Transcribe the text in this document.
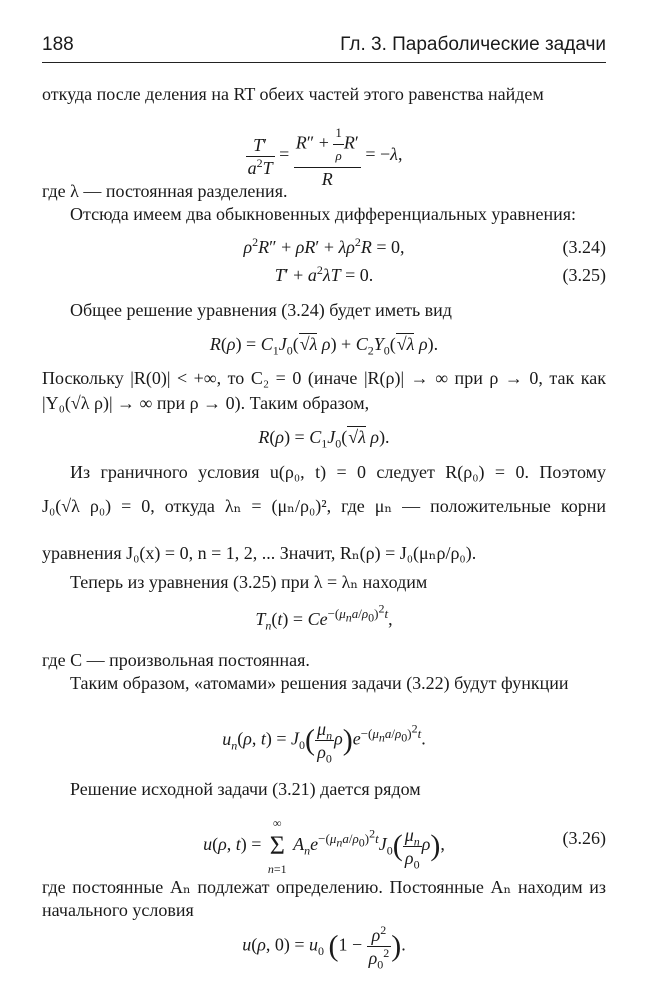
188	Гл. 3. Параболические задачи
откуда после деления на RT обеих частей этого равенства найдем
$\frac{T'}{a^2T} = \frac{R'' + \frac{1}{\rho} R'}{R} = -\lambda$,
где λ — постоянная разделения.
Отсюда имеем два обыкновенных дифференциальных уравнения:
$\rho^2R'' + \rho R' + \lambda\rho^2R = 0$,	(3.24)
$T' + a^2\lambda T = 0$.	(3.25)
Общее решение уравнения (3.24) будет иметь вид
$R(\rho) = C_1J_0(√\lambda$ $\rho) + C_2Y_0(√\lambda$ ρ).
Поскольку |R(0)| < +∞, то C₂ = 0 (иначе |R(ρ)| → ∞ при ρ → 0, так как
|Y₀(√λ ρ)| → ∞ при ρ → 0). Таким образом,
$R(\rho) = C_1J_0(√\lambda$ ρ).
Из граничного условия u(ρ₀, t) = 0 следует R(ρ₀) = 0. Поэтому
J₀(√λ ρ₀) = 0, откуда λₙ = (μₙ/ρ₀)², где μₙ — положительные корни
уравнения J₀(x) = 0, n = 1, 2, ... Значит, Rₙ(ρ) = J₀(μₙρ/ρ₀).
Теперь из уравнения (3.25) при λ = λₙ находим
$T_n(t) = Ce^{-(\mu_na/\rho_0)^2t}$,
где C — произвольная постоянная.
Таким образом, «атомами» решения задачи (3.22) будут функции
$u_n(\rho$, $t) = J_0( \frac{\mu_n}{\rho_0} \rho)e^{-(\mu_na/\rho_0)^2t}$.
Решение исходной задачи (3.21) дается рядом
u(ρ, t) =
∞
Σ
n=1
$A_ne^{-(\mu_na/\rho_0)^2t}J_0( \frac{\mu_n}{\rho_0} \rho)$,	(3.26)
где постоянные Aₙ подлежат определению. Постоянные Aₙ находим из
начального условия
u(ρ, $0) = u_0$ ($1 - \frac{\rho^2}{\rho_0^2}$ ).
